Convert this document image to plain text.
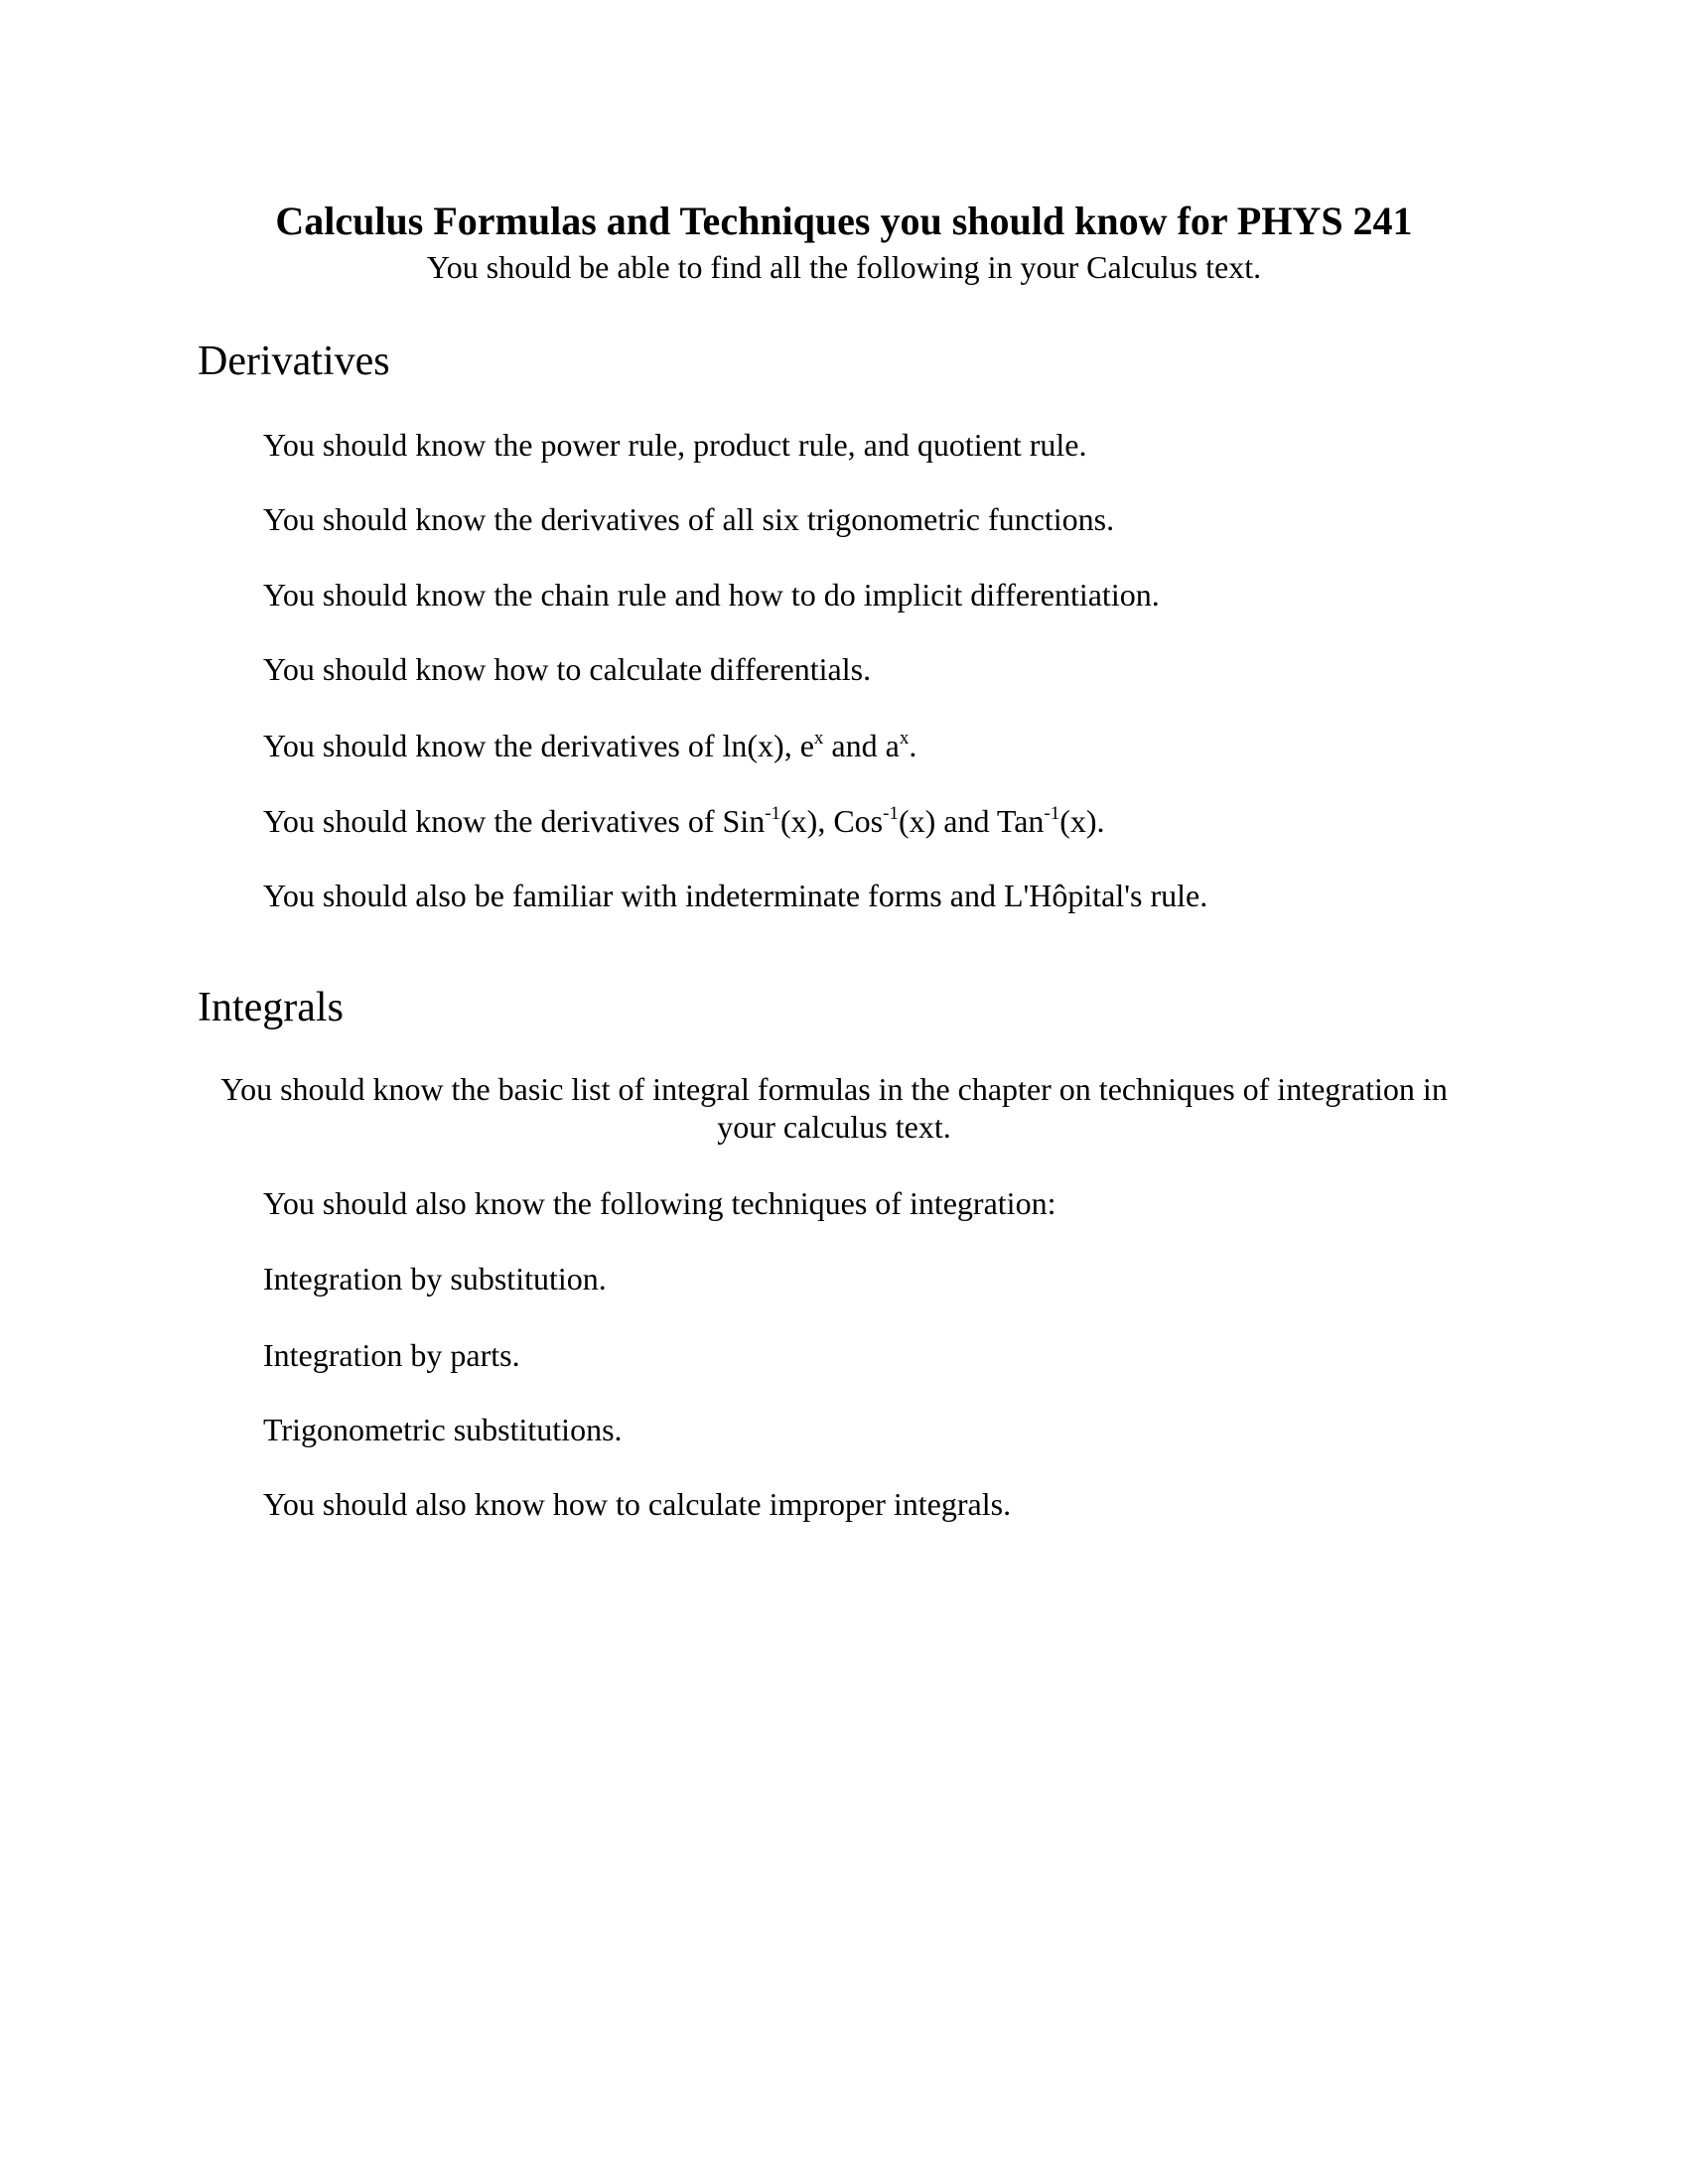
Calculus Formulas and Techniques you should know for PHYS 241
You should be able to find all the following in your Calculus text.
Derivatives
You should know the power rule, product rule, and quotient rule.
You should know the derivatives of all six trigonometric functions.
You should know the chain rule and how to do implicit differentiation.
You should know how to calculate differentials.
You should know the derivatives of ln(x), $e^x$ and $a^x$.
You should know the derivatives of Sin$^{-1}$(x), Cos$^{-1}$(x) and Tan$^{-1}$(x).
You should also be familiar with indeterminate forms and L'Hôpital's rule.
Integrals
You should know the basic list of integral formulas in the chapter on techniques of integration in
your calculus text.
You should also know the following techniques of integration:
Integration by substitution.
Integration by parts.
Trigonometric substitutions.
You should also know how to calculate improper integrals.
